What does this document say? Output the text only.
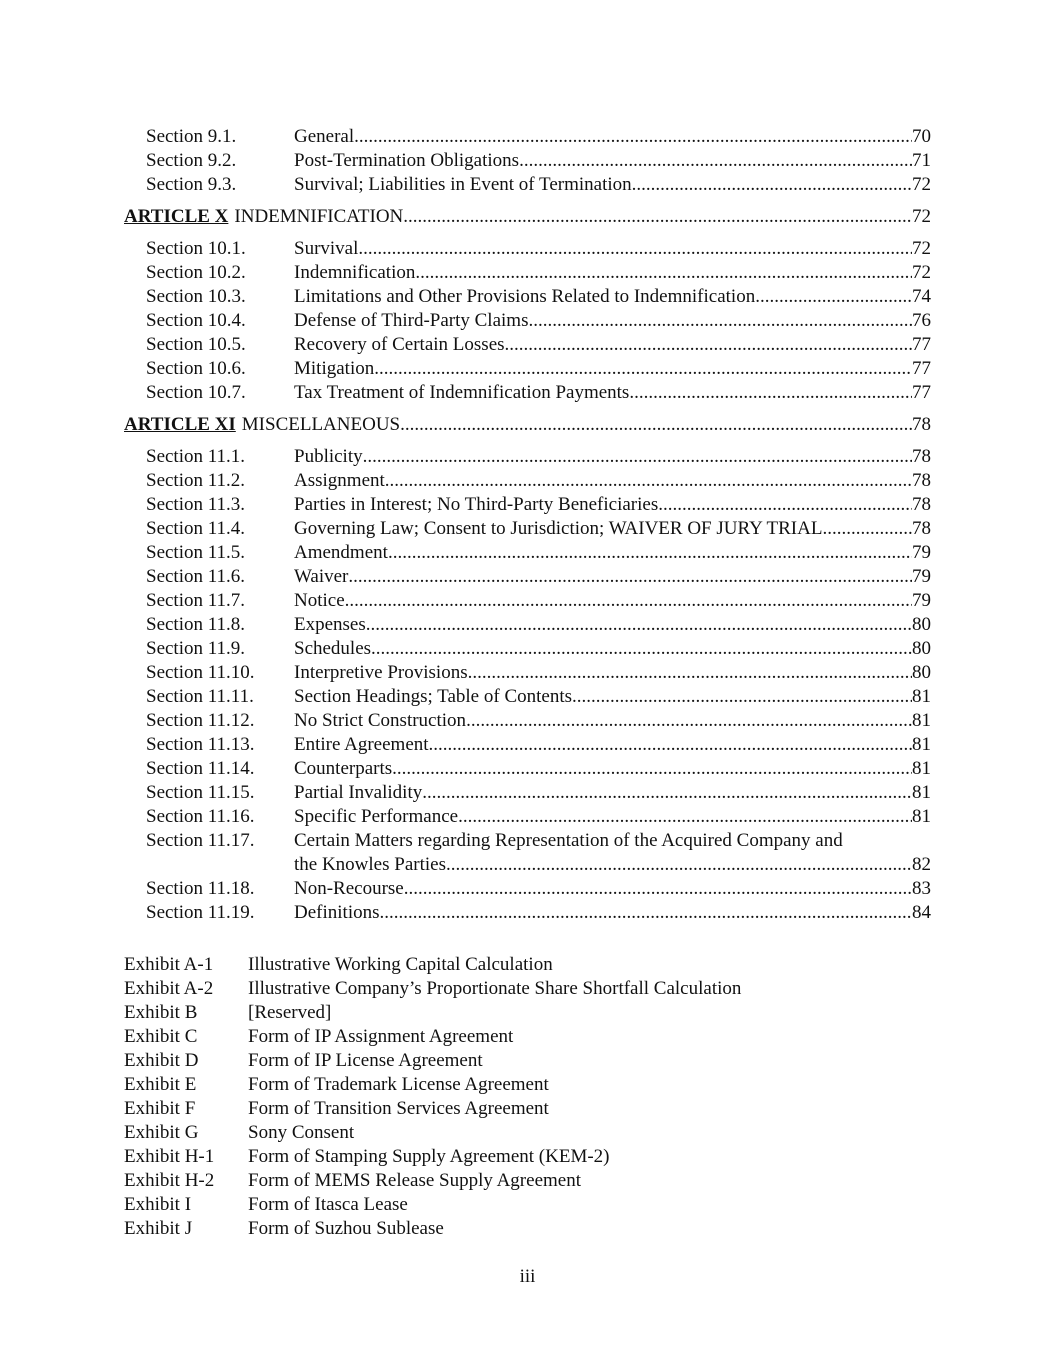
Section 9.1.	General .....	70
Section 9.2.	Post-Termination Obligations .....	71
Section 9.3.	Survival; Liabilities in Event of Termination .....	72
ARTICLE X INDEMNIFICATION .....	72
Section 10.1.	Survival. .....	72
Section 10.2.	Indemnification. .....	72
Section 10.3.	Limitations and Other Provisions Related to Indemnification .....	74
Section 10.4.	Defense of Third-Party Claims. .....	76
Section 10.5.	Recovery of Certain Losses .....	77
Section 10.6.	Mitigation .....	77
Section 10.7.	Tax Treatment of Indemnification Payments .....	77
ARTICLE XI MISCELLANEOUS .....	78
Section 11.1.	Publicity .....	78
Section 11.2.	Assignment .....	78
Section 11.3.	Parties in Interest; No Third-Party Beneficiaries .....	78
Section 11.4.	Governing Law; Consent to Jurisdiction; WAIVER OF JURY TRIAL .....	78
Section 11.5.	Amendment .....	79
Section 11.6.	Waiver .....	79
Section 11.7.	Notice .....	79
Section 11.8.	Expenses .....	80
Section 11.9.	Schedules .....	80
Section 11.10. Interpretive Provisions .....	80
Section 11.11. Section Headings; Table of Contents .....	81
Section 11.12. No Strict Construction .....	81
Section 11.13. Entire Agreement .....	81
Section 11.14. Counterparts .....	81
Section 11.15. Partial Invalidity .....	81
Section 11.16. Specific Performance .....	81
Section 11.17. Certain Matters regarding Representation of the Acquired Company and
the Knowles Parties .....	82
Section 11.18. Non-Recourse .....	83
Section 11.19. Definitions .....	84
Exhibit A-1 Illustrative Working Capital Calculation
Exhibit A-2 Illustrative Company’s Proportionate Share Shortfall Calculation
Exhibit B	[Reserved]
Exhibit C	Form of IP Assignment Agreement
Exhibit D	Form of IP License Agreement
Exhibit E	Form of Trademark License Agreement
Exhibit F	Form of Transition Services Agreement
Exhibit G	Sony Consent
Exhibit H-1 Form of Stamping Supply Agreement (KEM-2)
Exhibit H-2 Form of MEMS Release Supply Agreement
Exhibit I	Form of Itasca Lease
Exhibit J	Form of Suzhou Sublease
iii
